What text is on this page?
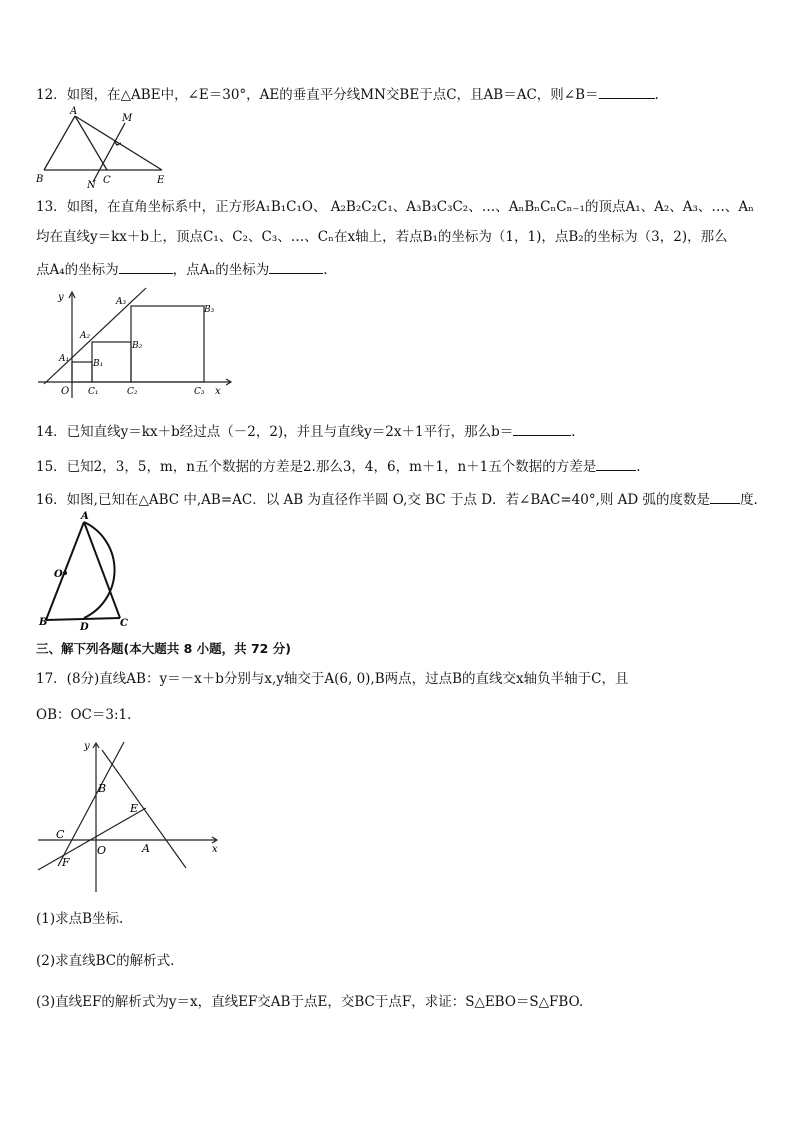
12．如图，在△ABE中，∠E＝30°，AE的垂直平分线MN交BE于点C，且AB＝AC，则∠B＝	.
A
M
B
N C	E
13．如图，在直角坐标系中，正方形A₁B₁C₁O、 A₂B₂C₂C₁、A₃B₃C₃C₂、…、AₙBₙCₙCₙ₋₁的顶点A₁、A₂、A₃、…、Aₙ
均在直线y＝kx＋b上，顶点C₁、C₂、C₃、…、Cₙ在x轴上，若点B₁的坐标为（1，1)，点B₂的坐标为（3，2)，那么
点A₄的坐标为	，点Aₙ的坐标为	.
y
x
O
A₁	B₁
C₁
A₂
B₂
C₂
A₃
B₃
C₃
14．已知直线y＝kx＋b经过点（－2，2)，并且与直线y＝2x＋1平行，那么b＝	.
15．已知2，3，5，m，n五个数据的方差是2.那么3，4，6，m＋1，n＋1五个数据的方差是	.
16．如图,已知在△ABC 中,AB=AC．以 AB 为直径作半圆 O,交 BC 于点 D．若∠BAC=40°,则 AD 弧的度数是 度.
A
O
B	D	C
三、解下列各题(本大题共 8 小题，共 72 分)
17．(8分)直线AB：y＝－x＋b分别与x,y轴交于A(6, 0),B两点，过点B的直线交x轴负半轴于C，且
OB：OC＝3:1.
y
B
E
C
O	A	x
F
(1)求点B坐标.
(2)求直线BC的解析式.
(3)直线EF的解析式为y＝x，直线EF交AB于点E，交BC于点F，求证：S△EBO＝S△FBO.
